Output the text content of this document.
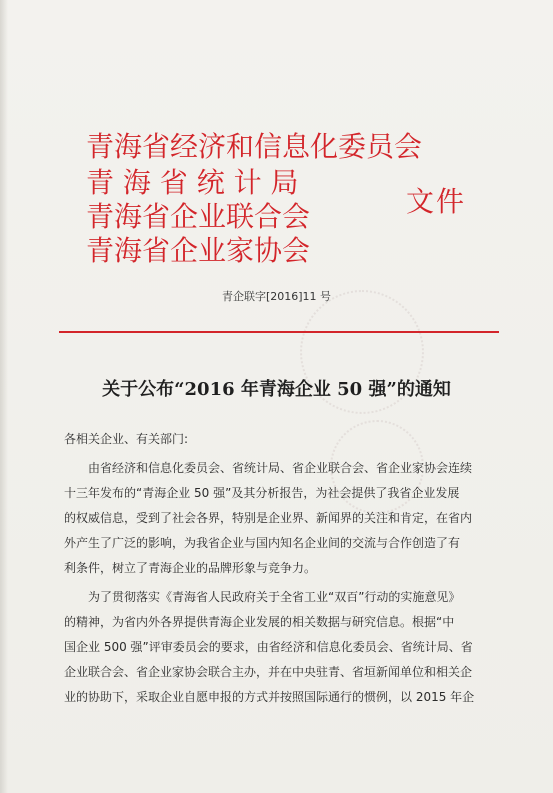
青海省经济和信息化委员会
青 海 省 统 计 局
青海省企业联合会
青海省企业家协会
文件
青企联字[2016]11 号
关于公布“2016 年青海企业 50 强”的通知
各相关企业、有关部门:
由省经济和信息化委员会、省统计局、省企业联合会、省企业家协会连续
十三年发布的“青海企业 50 强”及其分析报告，为社会提供了我省企业发展
的权威信息，受到了社会各界，特别是企业界、新闻界的关注和肯定，在省内
外产生了广泛的影响，为我省企业与国内知名企业间的交流与合作创造了有
利条件，树立了青海企业的品牌形象与竞争力。
为了贯彻落实《青海省人民政府关于全省工业“双百”行动的实施意见》
的精神，为省内外各界提供青海企业发展的相关数据与研究信息。根据“中
国企业 500 强”评审委员会的要求，由省经济和信息化委员会、省统计局、省
企业联合会、省企业家协会联合主办，并在中央驻青、省垣新闻单位和相关企
业的协助下，采取企业自愿申报的方式并按照国际通行的惯例，以 2015 年企
